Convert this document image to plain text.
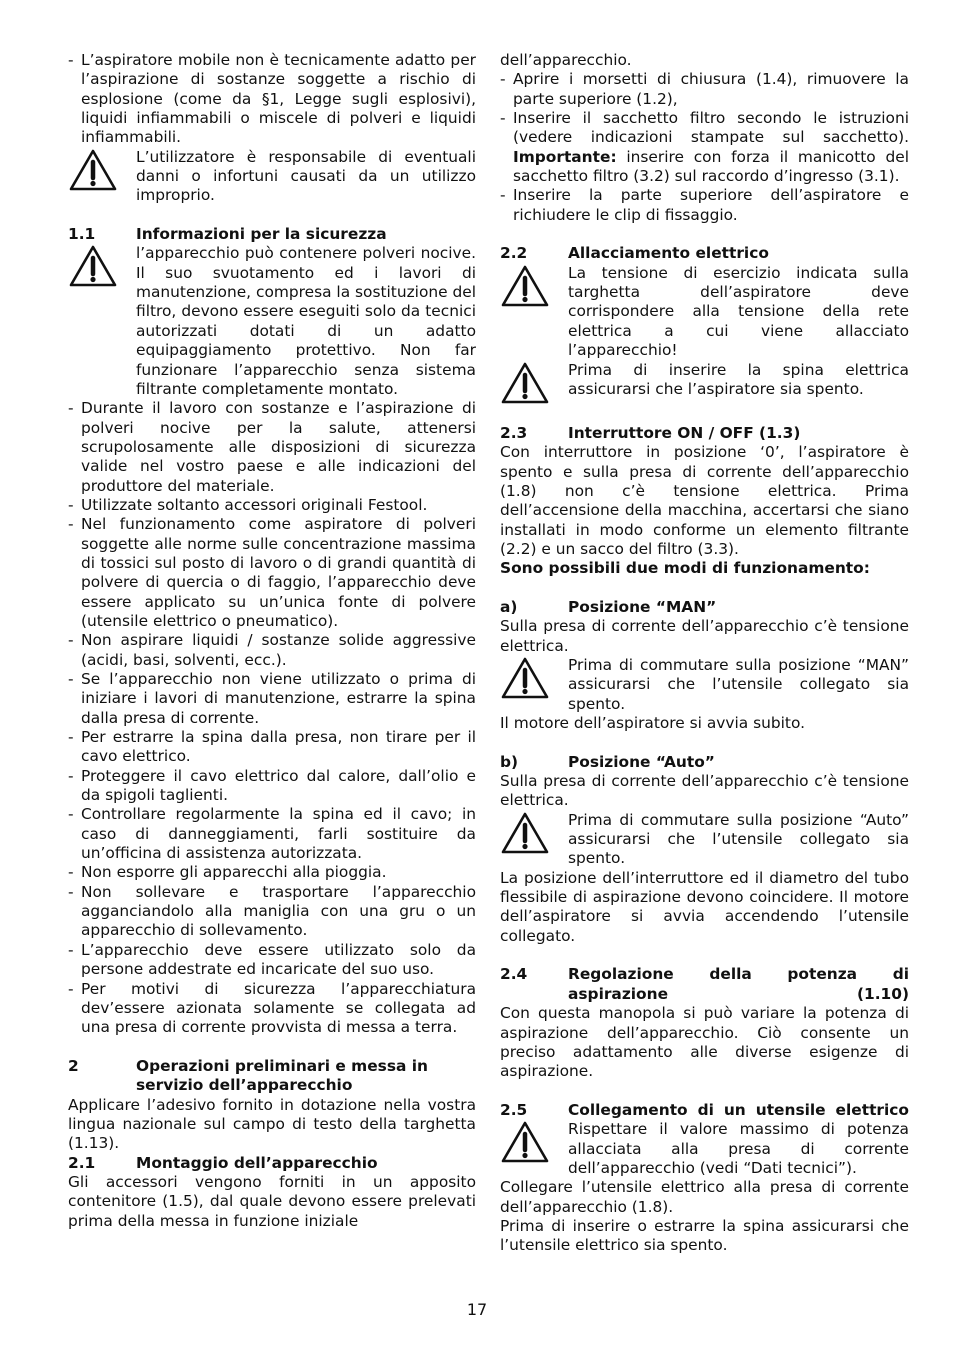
- L’aspiratore mobile non è tecnicamente adatto per l’aspirazione di sostanze soggette a rischio di esplosione (come da §1, Legge sugli esplosivi), liquidi infiammabili o miscele di polveri e liquidi infiammabili.

L’utilizzatore è responsabile di eventuali danni o infortuni causati da un utilizzo improprio.

1.1	Informazioni per la sicurezza

l’apparecchio può contenere polveri nocive. Il suo svuotamento ed i lavori di manutenzione, compresa la sostituzione del filtro, devono essere eseguiti solo da tecnici autorizzati dotati di un adatto equipaggiamento protettivo. Non far funzionare l’apparecchio senza sistema filtrante completamente montato.

- Durante il lavoro con sostanze e l’aspirazione di polveri nocive per la salute, attenersi scrupolosamente alle disposizioni di sicurezza valide nel vostro paese e alle indicazioni del produttore del materiale.

- Utilizzate soltanto accessori originali Festool.

- Nel funzionamento come aspiratore di polveri soggette alle norme sulle concentrazione massima di tossici sul posto di lavoro o di grandi quantità di polvere di quercia o di faggio, l’apparecchio deve essere applicato su un’unica fonte di polvere (utensile elettrico o pneumatico).

- Non aspirare liquidi / sostanze solide aggressive (acidi, basi, solventi, ecc.).

- Se l’apparecchio non viene utilizzato o prima di iniziare i lavori di manutenzione, estrarre la spina dalla presa di corrente.

- Per estrarre la spina dalla presa, non tirare per il cavo elettrico.

- Proteggere il cavo elettrico dal calore, dall’olio e da spigoli taglienti.

- Controllare regolarmente la spina ed il cavo; in caso di danneggiamenti, farli sostituire da un’officina di assistenza autorizzata.

- Non esporre gli apparecchi alla pioggia.

- Non sollevare e trasportare l’apparecchio agganciandolo alla maniglia con una gru o un apparecchio di sollevamento.

- L’apparecchio deve essere utilizzato solo da persone addestrate ed incaricate del suo uso.

- Per motivi di sicurezza l’apparecchiatura dev’essere azionata solamente se collegata ad una presa di corrente provvista di messa a terra.

2	Operazioni preliminari e messa in servizio dell’apparecchio

Applicare l’adesivo fornito in dotazione nella vostra lingua nazionale sul campo di testo della targhetta (1.13).

2.1	Montaggio dell’apparecchio

Gli accessori vengono forniti in un apposito contenitore (1.5), dal quale devono essere prelevati prima della messa in funzione iniziale

dell’apparecchio.

- Aprire i morsetti di chiusura (1.4), rimuovere la parte superiore (1.2),

- Inserire il sacchetto filtro secondo le istruzioni (vedere indicazioni stampate sul sacchetto). Importante: inserire con forza il manicotto del sacchetto filtro (3.2) sul raccordo d’ingresso (3.1).

- Inserire la parte superiore dell’aspiratore e richiudere le clip di fissaggio.

2.2	Allacciamento elettrico

La tensione di esercizio indicata sulla targhetta dell’aspiratore deve corrispondere alla tensione della rete elettrica a cui viene allacciato l’apparecchio!

Prima di inserire la spina elettrica assicurarsi che l’aspiratore sia spento.

2.3	Interruttore ON / OFF (1.3)

Con interruttore in posizione ‘0’, l’aspiratore è spento e sulla presa di corrente dell’apparecchio (1.8) non c’è tensione elettrica. Prima dell’accensione della macchina, accertarsi che siano installati in modo conforme un elemento filtrante (2.2) e un sacco del filtro (3.3).

Sono possibili due modi di funzionamento:

a)	Posizione “MAN”

Sulla presa di corrente dell’apparecchio c’è tensione elettrica.

Prima di commutare sulla posizione “MAN” assicurarsi che l’utensile collegato sia spento.

Il motore dell’aspiratore si avvia subito.

b)	Posizione “Auto”

Sulla presa di corrente dell’apparecchio c’è tensione elettrica.

Prima di commutare sulla posizione “Auto” assicurarsi che l’utensile collegato sia spento.

La posizione dell’interruttore ed il diametro del tubo flessibile di aspirazione devono coincidere. Il motore dell’aspiratore si avvia accendendo l’utensile collegato.

2.4	Regolazione della potenza di aspirazione (1.10)

Con questa manopola si può variare la potenza di aspirazione dell’apparecchio. Ciò consente un preciso adattamento alle diverse esigenze di aspirazione.

2.5	Collegamento di un utensile elettrico

Rispettare il valore massimo di potenza allacciata alla presa di corrente dell’apparecchio (vedi “Dati tecnici”).

Collegare l’utensile elettrico alla presa di corrente dell’apparecchio (1.8).

Prima di inserire o estrarre la spina assicurarsi che l’utensile elettrico sia spento.

17
